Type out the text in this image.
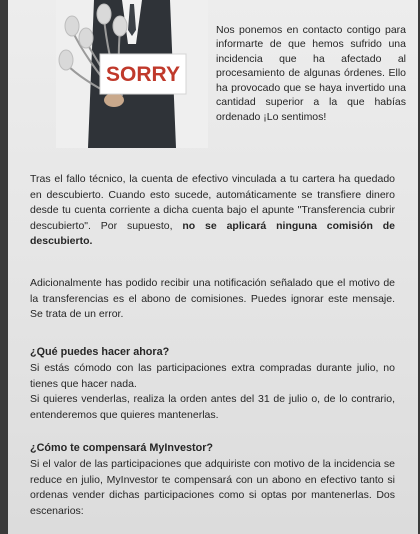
SORRY

Nos ponemos en contacto contigo para informarte de que hemos sufrido una incidencia que ha afectado al procesamiento de algunas órdenes. Ello ha provocado que se haya invertido una cantidad superior a la que habías ordenado ¡Lo sentimos!

Tras el fallo técnico, la cuenta de efectivo vinculada a tu cartera ha quedado en descubierto. Cuando esto sucede, automáticamente se transfiere dinero desde tu cuenta corriente a dicha cuenta bajo el apunte "Transferencia cubrir descubierto". Por supuesto, no se aplicará ninguna comisión de descubierto.

Adicionalmente has podido recibir una notificación señalado que el motivo de la transferencias es el abono de comisiones. Puedes ignorar este mensaje. Se trata de un error.

¿Qué puedes hacer ahora?
Si estás cómodo con las participaciones extra compradas durante julio, no tienes que hacer nada.
Si quieres venderlas, realiza la orden antes del 31 de julio o, de lo contrario, entenderemos que quieres mantenerlas.
¿Cómo te compensará MyInvestor?

Si el valor de las participaciones que adquiriste con motivo de la incidencia se reduce en julio, MyInvestor te compensará con un abono en efectivo tanto si ordenas vender dichas participaciones como si optas por mantenerlas. Dos escenarios:
